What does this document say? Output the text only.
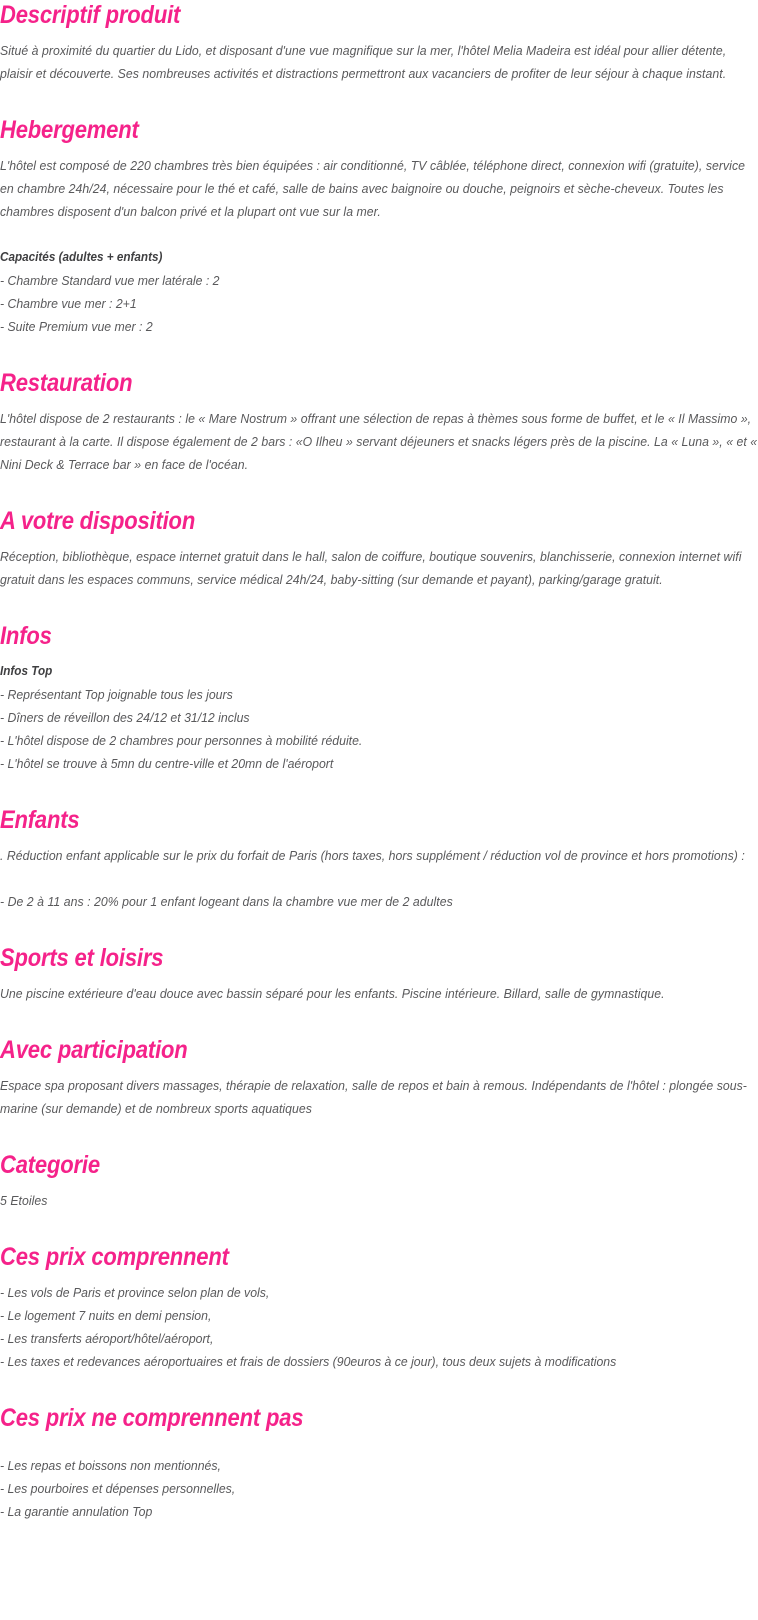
Descriptif produit

Situé à proximité du quartier du Lido, et disposant d'une vue magnifique sur la mer, l'hôtel Melia Madeira est idéal pour allier détente, plaisir et découverte. Ses nombreuses activités et distractions permettront aux vacanciers de profiter de leur séjour à chaque instant.

Hebergement

L'hôtel est composé de 220 chambres très bien équipées : air conditionné, TV câblée, téléphone direct, connexion wifi (gratuite), service en chambre 24h/24, nécessaire pour le thé et café, salle de bains avec baignoire ou douche, peignoirs et sèche-cheveux. Toutes les chambres disposent d'un balcon privé et la plupart ont vue sur la mer.

Capacités (adultes + enfants)
- Chambre Standard vue mer latérale : 2
- Chambre vue mer : 2+1
- Suite Premium vue mer : 2
Restauration

L'hôtel dispose de 2 restaurants : le « Mare Nostrum » offrant une sélection de repas à thèmes sous forme de buffet, et le « Il Massimo », restaurant à la carte. Il dispose également de 2 bars : «O Ilheu » servant déjeuners et snacks légers près de la piscine. La « Luna », « et « Nini Deck & Terrace bar » en face de l'océan.

A votre disposition

Réception, bibliothèque, espace internet gratuit dans le hall, salon de coiffure, boutique souvenirs, blanchisserie, connexion internet wifi gratuit dans les espaces communs, service médical 24h/24, baby-sitting (sur demande et payant), parking/garage gratuit.

Infos
Infos Top
- Représentant Top joignable tous les jours
- Dîners de réveillon des 24/12 et 31/12 inclus
- L'hôtel dispose de 2 chambres pour personnes à mobilité réduite.
- L'hôtel se trouve à 5mn du centre-ville et 20mn de l'aéroport
Enfants

. Réduction enfant applicable sur le prix du forfait de Paris (hors taxes, hors supplément / réduction vol de province et hors promotions) :

- De 2 à 11 ans : 20% pour 1 enfant logeant dans la chambre vue mer de 2 adultes

Sports et loisirs

Une piscine extérieure d'eau douce avec bassin séparé pour les enfants. Piscine intérieure. Billard, salle de gymnastique.

Avec participation

Espace spa proposant divers massages, thérapie de relaxation, salle de repos et bain à remous. Indépendants de l'hôtel : plongée sous-marine (sur demande) et de nombreux sports aquatiques

Categorie

5 Etoiles

Ces prix comprennent
- Les vols de Paris et province selon plan de vols,
- Le logement 7 nuits en demi pension,
- Les transferts aéroport/hôtel/aéroport,
- Les taxes et redevances aéroportuaires et frais de dossiers (90euros à ce jour), tous deux sujets à modifications
Ces prix ne comprennent pas
- Les repas et boissons non mentionnés,
- Les pourboires et dépenses personnelles,
- La garantie annulation Top
